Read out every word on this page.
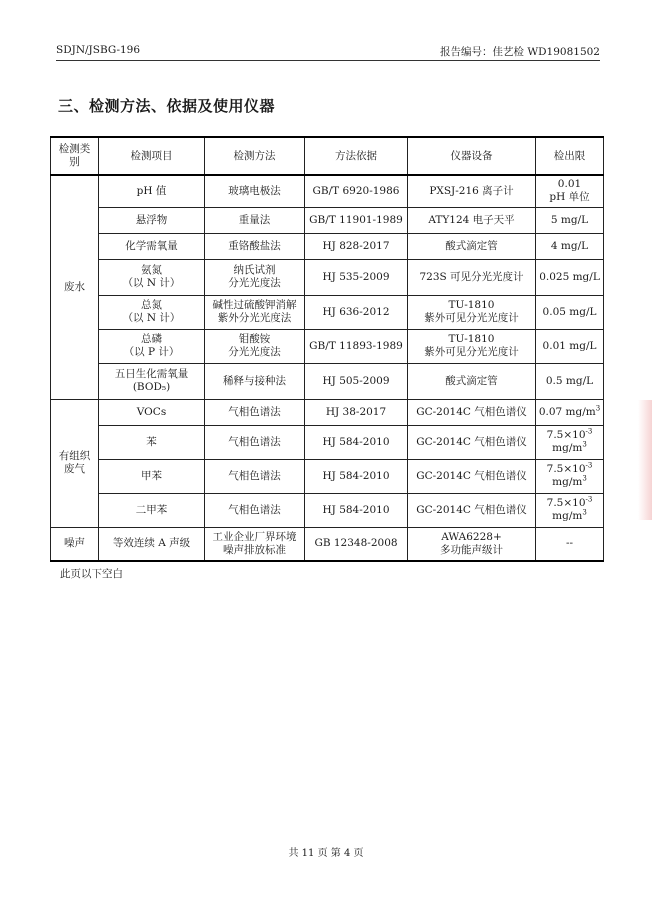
SDJN/JSBG-196	报告编号：佳艺检 WD19081502
三、检测方法、依据及使用仪器
检测类 别	检测项目	检测方法	方法依据	仪器设备	检出限
废水	pH 值	玻璃电极法	GB/T 6920-1986	PXSJ-216 离子计	0.01
pH 单位
	悬浮物	重量法	GB/T 11901-1989	ATY124 电子天平	5 mg/L
	化学需氧量	重铬酸盐法	HJ 828-2017	酸式滴定管	4 mg/L
	氨氮
（以 N 计）	纳氏试剂
分光光度法	HJ 535-2009	723S 可见分光光度计	0.025 mg/L
	总氮
（以 N 计）	碱性过硫酸钾消解
紫外分光光度法	HJ 636-2012	TU-1810
紫外可见分光光度计	0.05 mg/L
	总磷
（以 P 计）	钼酸铵
分光光度法	GB/T 11893-1989	TU-1810
紫外可见分光光度计	0.01 mg/L
	五日生化需氧量
(BOD₅)	稀释与接种法	HJ 505-2009	酸式滴定管	0.5 mg/L
有组织
废气	VOCs	气相色谱法	HJ 38-2017	GC-2014C 气相色谱仪	0.07 $mg/m^3$
	苯	气相色谱法	HJ 584-2010	GC-2014C 气相色谱仪	$7.5\times 10^{-3}$
$mg/m^3$
	甲苯	气相色谱法	HJ 584-2010	GC-2014C 气相色谱仪	$7.5\times 10^{-3}$
$mg/m^3$
	二甲苯	气相色谱法	HJ 584-2010	GC-2014C 气相色谱仪	$7.5\times 10^{-3}$
$mg/m^3$
噪声	等效连续 A 声级	工业企业厂界环境
噪声排放标准	GB 12348-2008	AWA6228+
多功能声级计	--
此页以下空白
共 11 页 第 4 页
